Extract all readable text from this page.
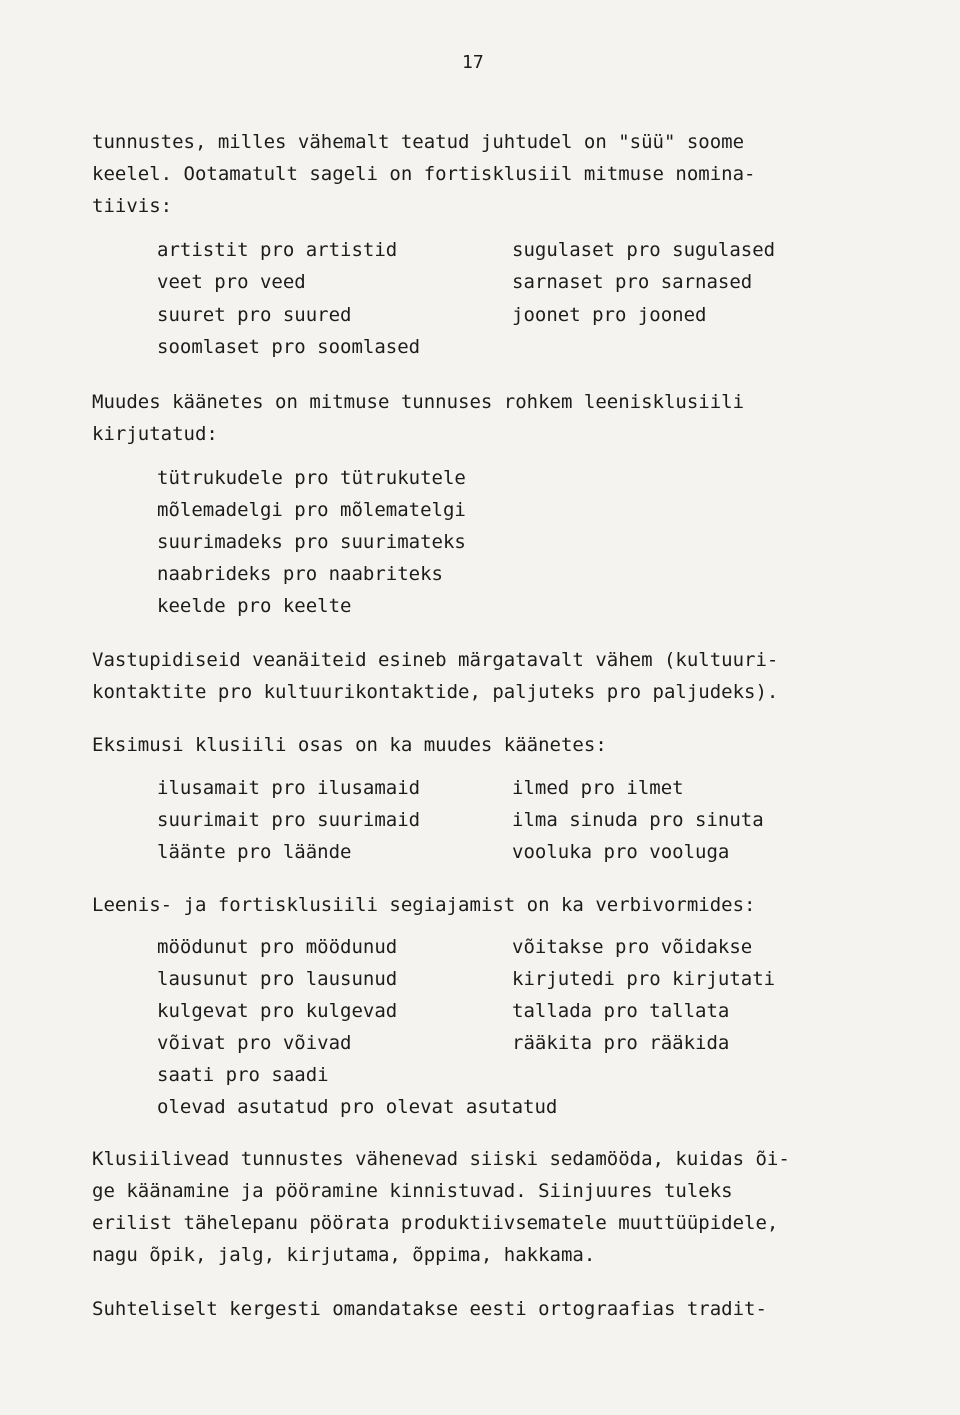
17
tunnustes, milles vähemalt teatud juhtudel on "süü" soome
keelel. Ootamatult sageli on fortisklusiil mitmuse nomina-
tiivis:
artistit pro artistid
veet pro veed
suuret pro suured
soomlaset pro soomlased
sugulaset pro sugulased
sarnaset pro sarnased
joonet pro jooned
Muudes käänetes on mitmuse tunnuses rohkem leenisklusiili
kirjutatud:
tütrukudele pro tütrukutele
mõlemadelgi pro mõlematelgi
suurimadeks pro suurimateks
naabrideks pro naabriteks
keelde pro keelte
Vastupidiseid veanäiteid esineb märgatavalt vähem (kultuuri-
kontaktite pro kultuurikontaktide, paljuteks pro paljudeks).
Eksimusi klusiili osas on ka muudes käänetes:
ilusamait pro ilusamaid
suurimait pro suurimaid
läänte pro läände
ilmed pro ilmet
ilma sinuda pro sinuta
vooluka pro vooluga
Leenis- ja fortisklusiili segiajamist on ka verbivormides:
möödunut pro möödunud
lausunut pro lausunud
kulgevat pro kulgevad
võivat pro võivad
saati pro saadi
olevad asutatud pro olevat asutatud
võitakse pro võidakse
kirjutedi pro kirjutati
tallada pro tallata
rääkita pro rääkida
Klusiilivead tunnustes vähenevad siiski sedamööda, kuidas õi-
ge käänamine ja pööramine kinnistuvad. Siinjuures tuleks
erilist tähelepanu pöörata produktiivsematele muuttüüpidele,
nagu õpik, jalg, kirjutama, õppima, hakkama.
Suhteliselt kergesti omandatakse eesti ortograafias tradit-
